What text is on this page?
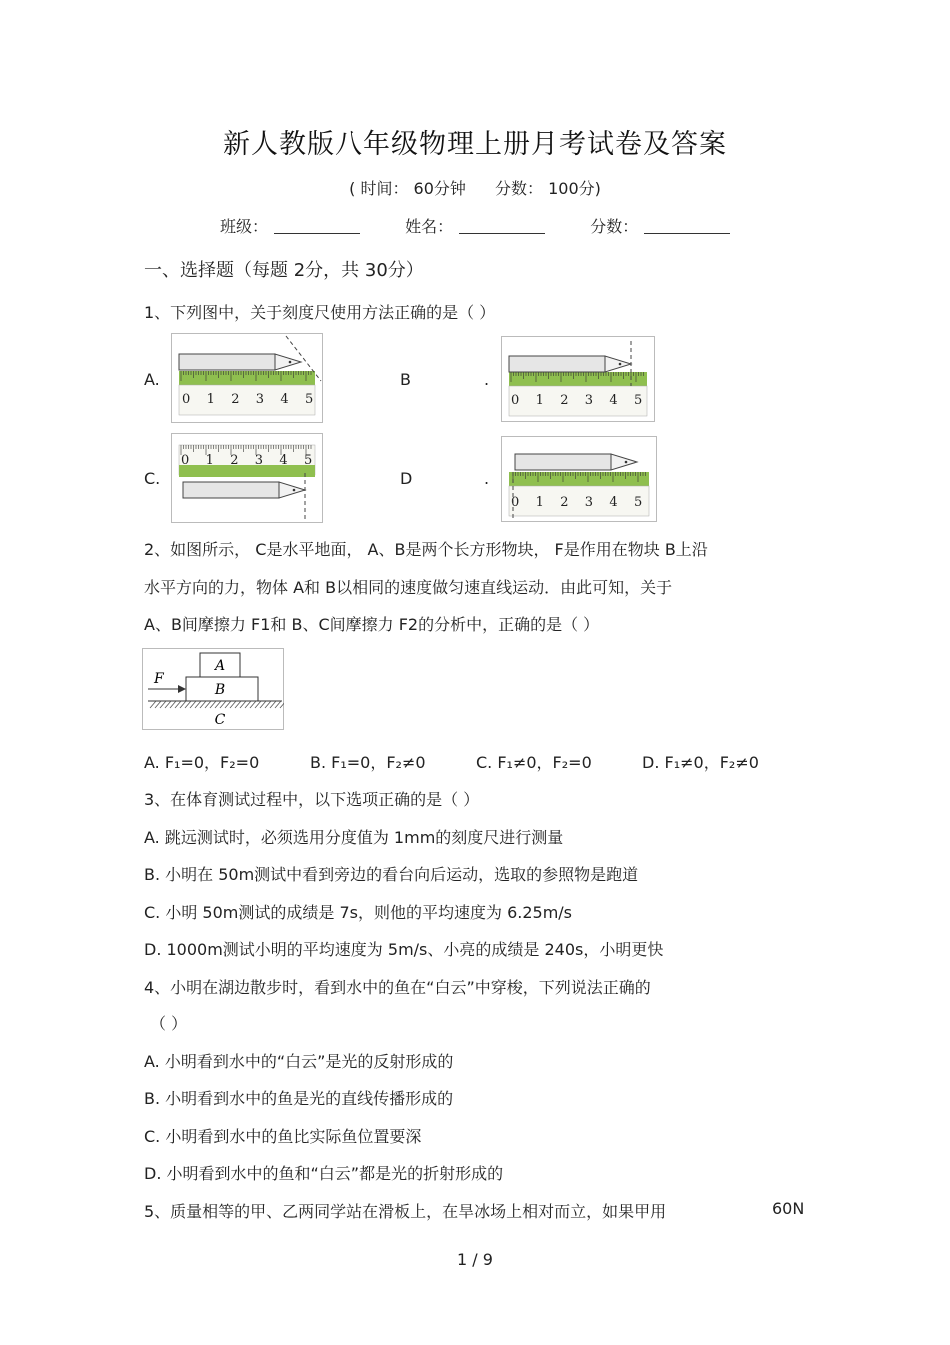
新人教版八年级物理上册月考试卷及答案
( 时间： 60分钟 分数： 100分)
班级：	姓名：	分数：
一、选择题（每题 2分，共 30分）
1、下列图中，关于刻度尺使用方法正确的是（ ）
A.	B	.
C.	D	.
0 1 2 3 4 5	0 1 2 3 4 5
0 1 2 3 4 5
0 1 2 3 4 5
2、如图所示， C是水平地面， A、B是两个长方形物块， F是作用在物块 B上沿
水平方向的力，物体 A和 B以相同的速度做匀速直线运动．由此可知，关于
A、B间摩擦力 F1和 B、C间摩擦力 F2的分析中，正确的是（ ）
A
B
C
F
A. F₁=0，F₂=0	B. F₁=0，F₂≠0	C. F₁≠0，F₂=0	D. F₁≠0，F₂≠0
3、在体育测试过程中，以下选项正确的是（ ）
A. 跳远测试时，必须选用分度值为 1mm的刻度尺进行测量
B. 小明在 50m测试中看到旁边的看台向后运动，选取的参照物是跑道
C. 小明 50m测试的成绩是 7s，则他的平均速度为 6.25m/s
D. 1000m测试小明的平均速度为 5m/s、小亮的成绩是 240s，小明更快
4、小明在湖边散步时，看到水中的鱼在“白云”中穿梭，下列说法正确的
（ ）
A. 小明看到水中的“白云”是光的反射形成的
B. 小明看到水中的鱼是光的直线传播形成的
C. 小明看到水中的鱼比实际鱼位置要深
D. 小明看到水中的鱼和“白云”都是光的折射形成的
5、质量相等的甲、乙两同学站在滑板上，在旱冰场上相对而立，如果甲用	60N
1 / 9
